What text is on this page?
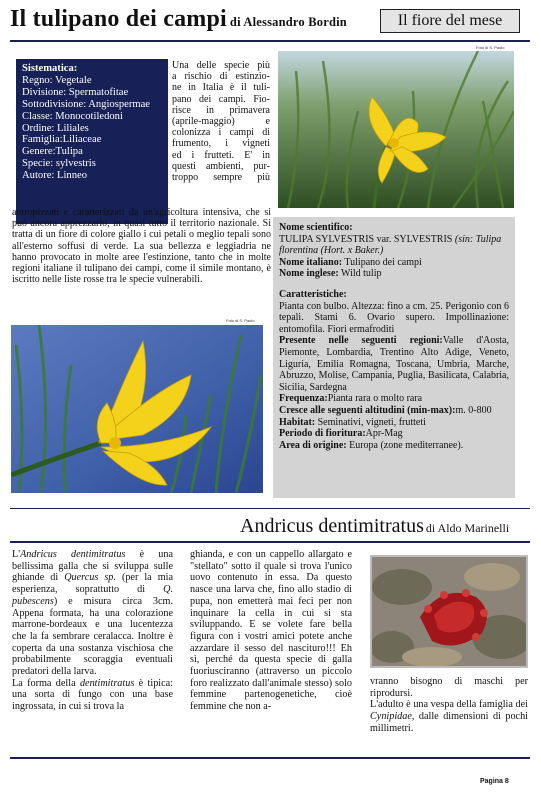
Il tulipano dei campi di Alessandro Bordin	Il fiore del mese
Sistematica:
Regno: Vegetale
Divisione: Spermatofitae
Sottodivisione: Angiospermae
Classe: Monocotiledoni
Ordine: Liliales
Famiglia:Liliaceae
Genere:Tulipa
Specie: sylvestris
Autore: Linneo
Una delle specie più
a rischio di estinzio-
ne in Italia è il tuli-
pano dei campi. Fio-
risce in primavera
(aprile-maggio) e
colonizza i campi di
frumento, i vigneti
ed i frutteti. E' in
questi ambienti, pur-
troppo sempre più
antropizzati e caratterizzati da un'agricoltura intensiva, che si può ancora apprezzarlo, in quasi tutto il territorio nazionale. Si tratta di un fiore di colore giallo i cui petali o meglio tepali sono all'esterno soffusi di verde. La sua bellezza e leggiadria ne hanno provocato in molte aree l'estinzione, tanto che in molte regioni italiane il tulipano dei campi, come il simile montano, è iscritto nelle liste rosse tra le specie vulnerabili.
Foto di S. Paolo
Foto di S. Paolo
Nome scientifico:
TULIPA SYLVESTRIS var. SYLVESTRIS (sin: Tulipa florentina (Hort. x Baker.)
Nome italiano: Tulipano dei campi
Nome inglese: Wild tulip
Caratteristiche:
Pianta con bulbo. Altezza: fino a cm. 25. Perigonio con 6 tepali. Stami 6. Ovario supero. Impollinazione: entomofila. Fiori ermafroditi
Presente nelle seguenti regioni:Valle d'Aosta, Piemonte, Lombardia, Trentino Alto Adige, Veneto, Liguria, Emilia Romagna, Toscana, Umbria, Marche, Abruzzo, Molise, Campania, Puglia, Basilicata, Calabria, Sicilia, Sardegna
Frequenza:Pianta rara o molto rara
Cresce alle seguenti altitudini (min-max):m. 0-800
Habitat: Seminativi, vigneti, frutteti
Periodo di fioritura:Apr-Mag
Area di origine: Europa (zone mediterranee).
Andricus dentimitratus di Aldo Marinelli
L'Andricus dentimitratus è una bellissima galla che si sviluppa sulle ghiande di Quercus sp. (per la mia esperienza, soprattutto di Q. pubescens) e misura circa 3cm. Appena formata, ha una colorazione marrone-bordeaux e una lucentezza che la fa sembrare ceralacca. Inoltre è coperta da una sostanza vischiosa che probabilmente scoraggia eventuali predatori della larva.
La forma della dentimitratus è tipica: una sorta di fungo con una base ingrossata, in cui si trova la
ghianda, e con un cappello allargato e "stellato" sotto il quale si trova l'unico uovo contenuto in essa. Da questo nasce una larva che, fino allo stadio di pupa, non emetterà mai feci per non inquinare la cella in cui si sta sviluppando. E se volete fare bella figura con i vostri amici potete anche azzardare il sesso del nascituro!!! Eh sì, perché da questa specie di galla fuoriusciranno (attraverso un piccolo foro realizzato dall'animale stesso) solo femmine partenogenetiche, cioè femmine che non a-
vranno bisogno di maschi per riprodursi.
L'adulto è una vespa della famiglia dei Cynipidae, dalle dimensioni di pochi millimetri.
Pagina 8
